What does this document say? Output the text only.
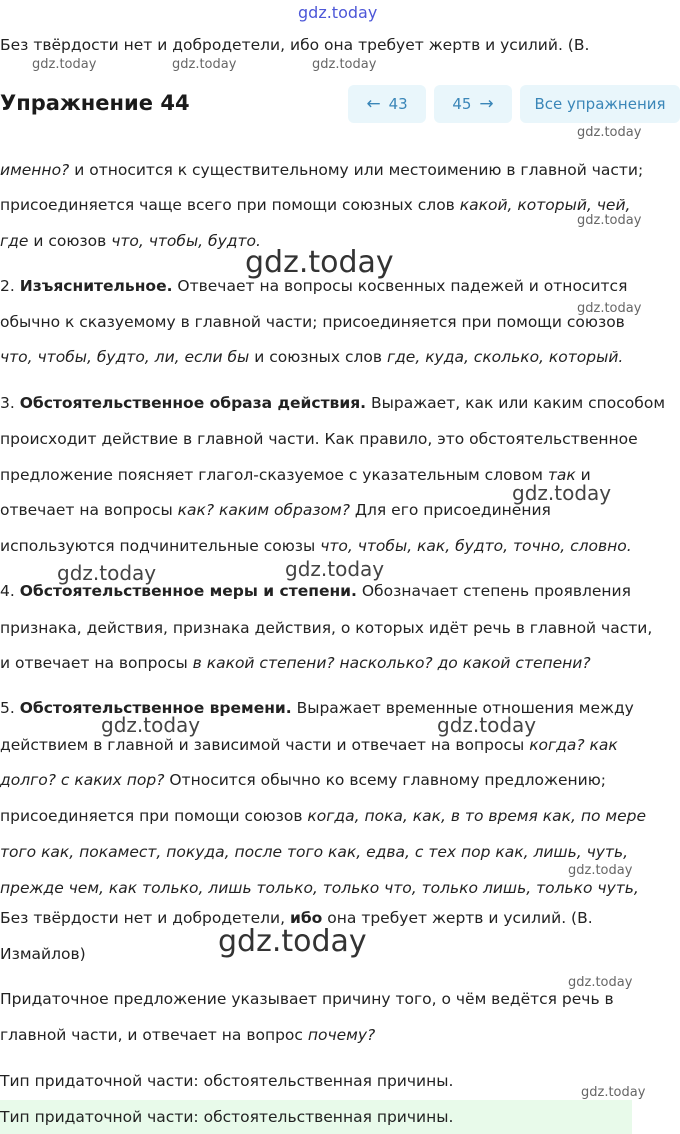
gdz.today
gdz.today	gdz.today	gdz.today
gdz.today
gdz.today
gdz.today
gdz.today
gdz.today
gdz.today	gdz.today
gdz.today	gdz.today
gdz.today
gdz.today
gdz.today
gdz.today
Без твёрдости нет и добродетели, ибо она требует жертв и усилий. (В.
Упражнение 44	← 43	45 →	Все упражнения
именно? и относится к существительному или местоимению в главной части;
присоединяется чаще всего при помощи союзных слов какой, который, чей,
где и союзов что, чтобы, будто.
2. Изъяснительное. Отвечает на вопросы косвенных падежей и относится
обычно к сказуемому в главной части; присоединяется при помощи союзов
что, чтобы, будто, ли, если бы и союзных слов где, куда, сколько, который.
3. Обстоятельственное образа действия. Выражает, как или каким способом
происходит действие в главной части. Как правило, это обстоятельственное
предложение поясняет глагол-сказуемое с указательным словом так и
отвечает на вопросы как? каким образом? Для его присоединения
используются подчинительные союзы что, чтобы, как, будто, точно, словно.
4. Обстоятельственное меры и степени. Обозначает степень проявления
признака, действия, признака действия, о которых идёт речь в главной части,
и отвечает на вопросы в какой степени? насколько? до какой степени?
5. Обстоятельственное времени. Выражает временные отношения между
действием в главной и зависимой части и отвечает на вопросы когда? как
долго? с каких пор? Относится обычно ко всему главному предложению;
присоединяется при помощи союзов когда, пока, как, в то время как, по мере
того как, покамест, покуда, после того как, едва, с тех пор как, лишь, чуть,
прежде чем, как только, лишь только, только что, только лишь, только чуть,
Без твёрдости нет и добродетели, ибо она требует жертв и усилий. (В.
Измайлов)
Придаточное предложение указывает причину того, о чём ведётся речь в
главной части, и отвечает на вопрос почему?
Тип придаточной части: обстоятельственная причины.
Тип придаточной части: обстоятельственная причины.
